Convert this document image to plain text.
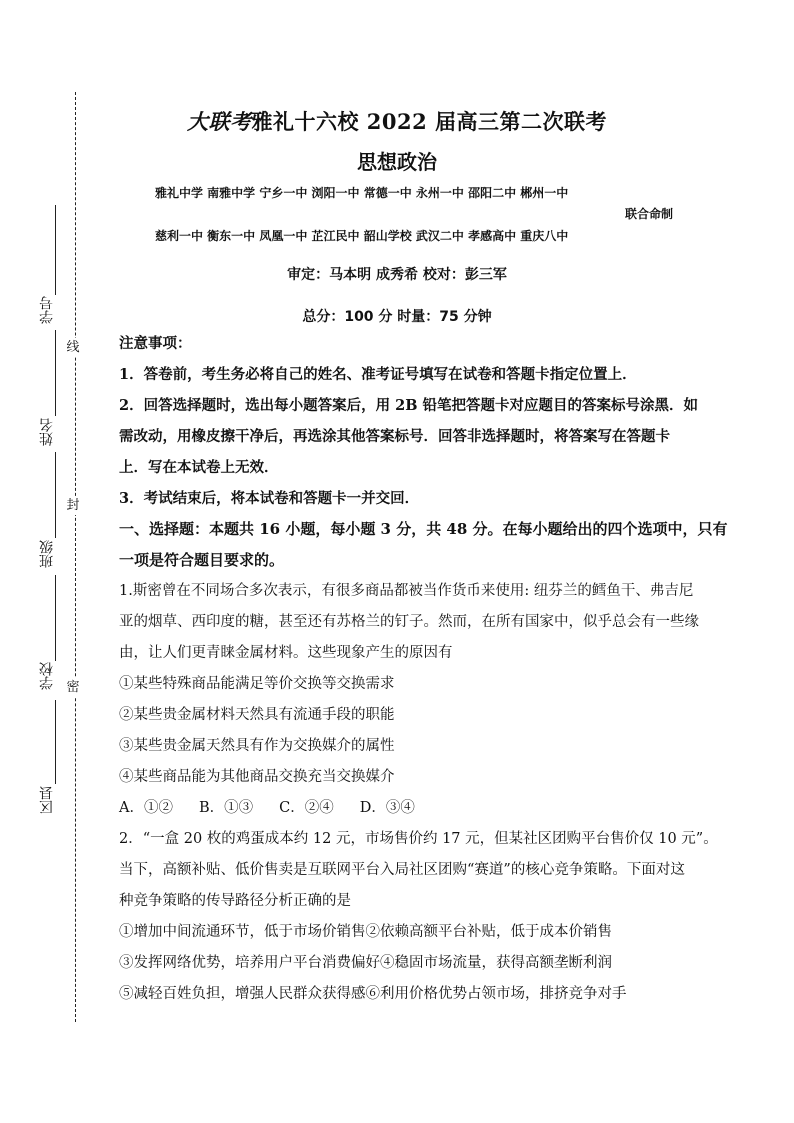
线
封
密
学号
姓名
班级
学校
区县
大联考雅礼十六校 2022 届高三第二次联考
思想政治
雅礼中学 南雅中学 宁乡一中 浏阳一中 常德一中 永州一中 邵阳二中 郴州一中
联合命制
慈利一中 衡东一中 凤凰一中 芷江民中 韶山学校 武汉二中 孝感高中 重庆八中
审定：马本明 成秀希 校对：彭三军
总分：100 分 时量：75 分钟
注意事项：
1．答卷前，考生务必将自己的姓名、准考证号填写在试卷和答题卡指定位置上．
2．回答选择题时，选出每小题答案后，用 2B 铅笔把答题卡对应题目的答案标号涂黑．如
需改动，用橡皮擦干净后，再选涂其他答案标号．回答非选择题时，将答案写在答题卡
上．写在本试卷上无效．
3．考试结束后，将本试卷和答题卡一并交回．
一、选择题：本题共 16 小题，每小题 3 分，共 48 分。在每小题给出的四个选项中，只有
一项是符合题目要求的。
1.斯密曾在不同场合多次表示，有很多商品都被当作货币来使用: 纽芬兰的鳕鱼干、弗吉尼
亚的烟草、西印度的糖，甚至还有苏格兰的钉子。然而，在所有国家中，似乎总会有一些缘
由，让人们更青睐金属材料。这些现象产生的原因有
①某些特殊商品能满足等价交换等交换需求
②某些贵金属材料天然具有流通手段的职能
③某些贵金属天然具有作为交换媒介的属性
④某些商品能为其他商品交换充当交换媒介
A．①② B．①③ C．②④ D．③④
2．“一盒 20 枚的鸡蛋成本约 12 元，市场售价约 17 元，但某社区团购平台售价仅 10 元”。
当下，高额补贴、低价售卖是互联网平台入局社区团购“赛道”的核心竞争策略。下面对这
种竞争策略的传导路径分析正确的是
①增加中间流通环节，低于市场价销售②依赖高额平台补贴，低于成本价销售
③发挥网络优势，培养用户平台消费偏好④稳固市场流量，获得高额垄断利润
⑤减轻百姓负担，增强人民群众获得感⑥利用价格优势占领市场，排挤竞争对手
